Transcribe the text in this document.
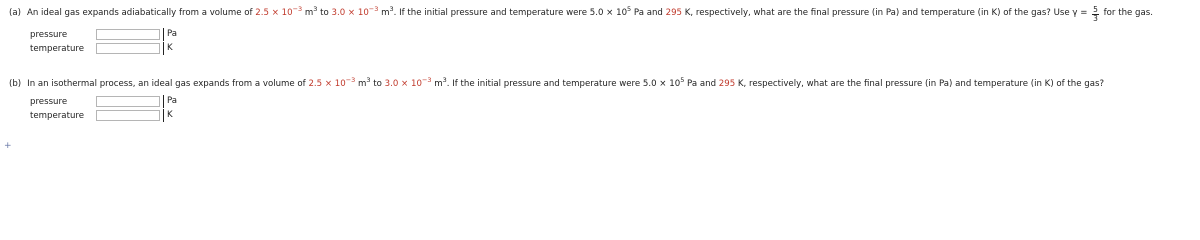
(a) An ideal gas expands adiabatically from a volume of $2.5 \times 10^{-3}$ $m^3$ to $3.0 \times 10^{-3}$ $m^3$. If the initial pressure and temperature were $5.0 \times 10^5$ Pa and 295 K, respectively, what are the final pressure (in Pa) and temperature (in K) of the gas? Use $\gamma = \frac{5}{3}$ for the gas.
pressure	Pa
temperature	K
(b) In an isothermal process, an ideal gas expands from a volume of $2.5 \times 10^{-3}$ $m^3$ to $3.0 \times 10^{-3}$ $m^3$. If the initial pressure and temperature were $5.0 \times 10^5$ Pa and 295 K, respectively, what are the final pressure (in Pa) and temperature (in K) of the gas?
pressure	Pa
temperature	K
+
